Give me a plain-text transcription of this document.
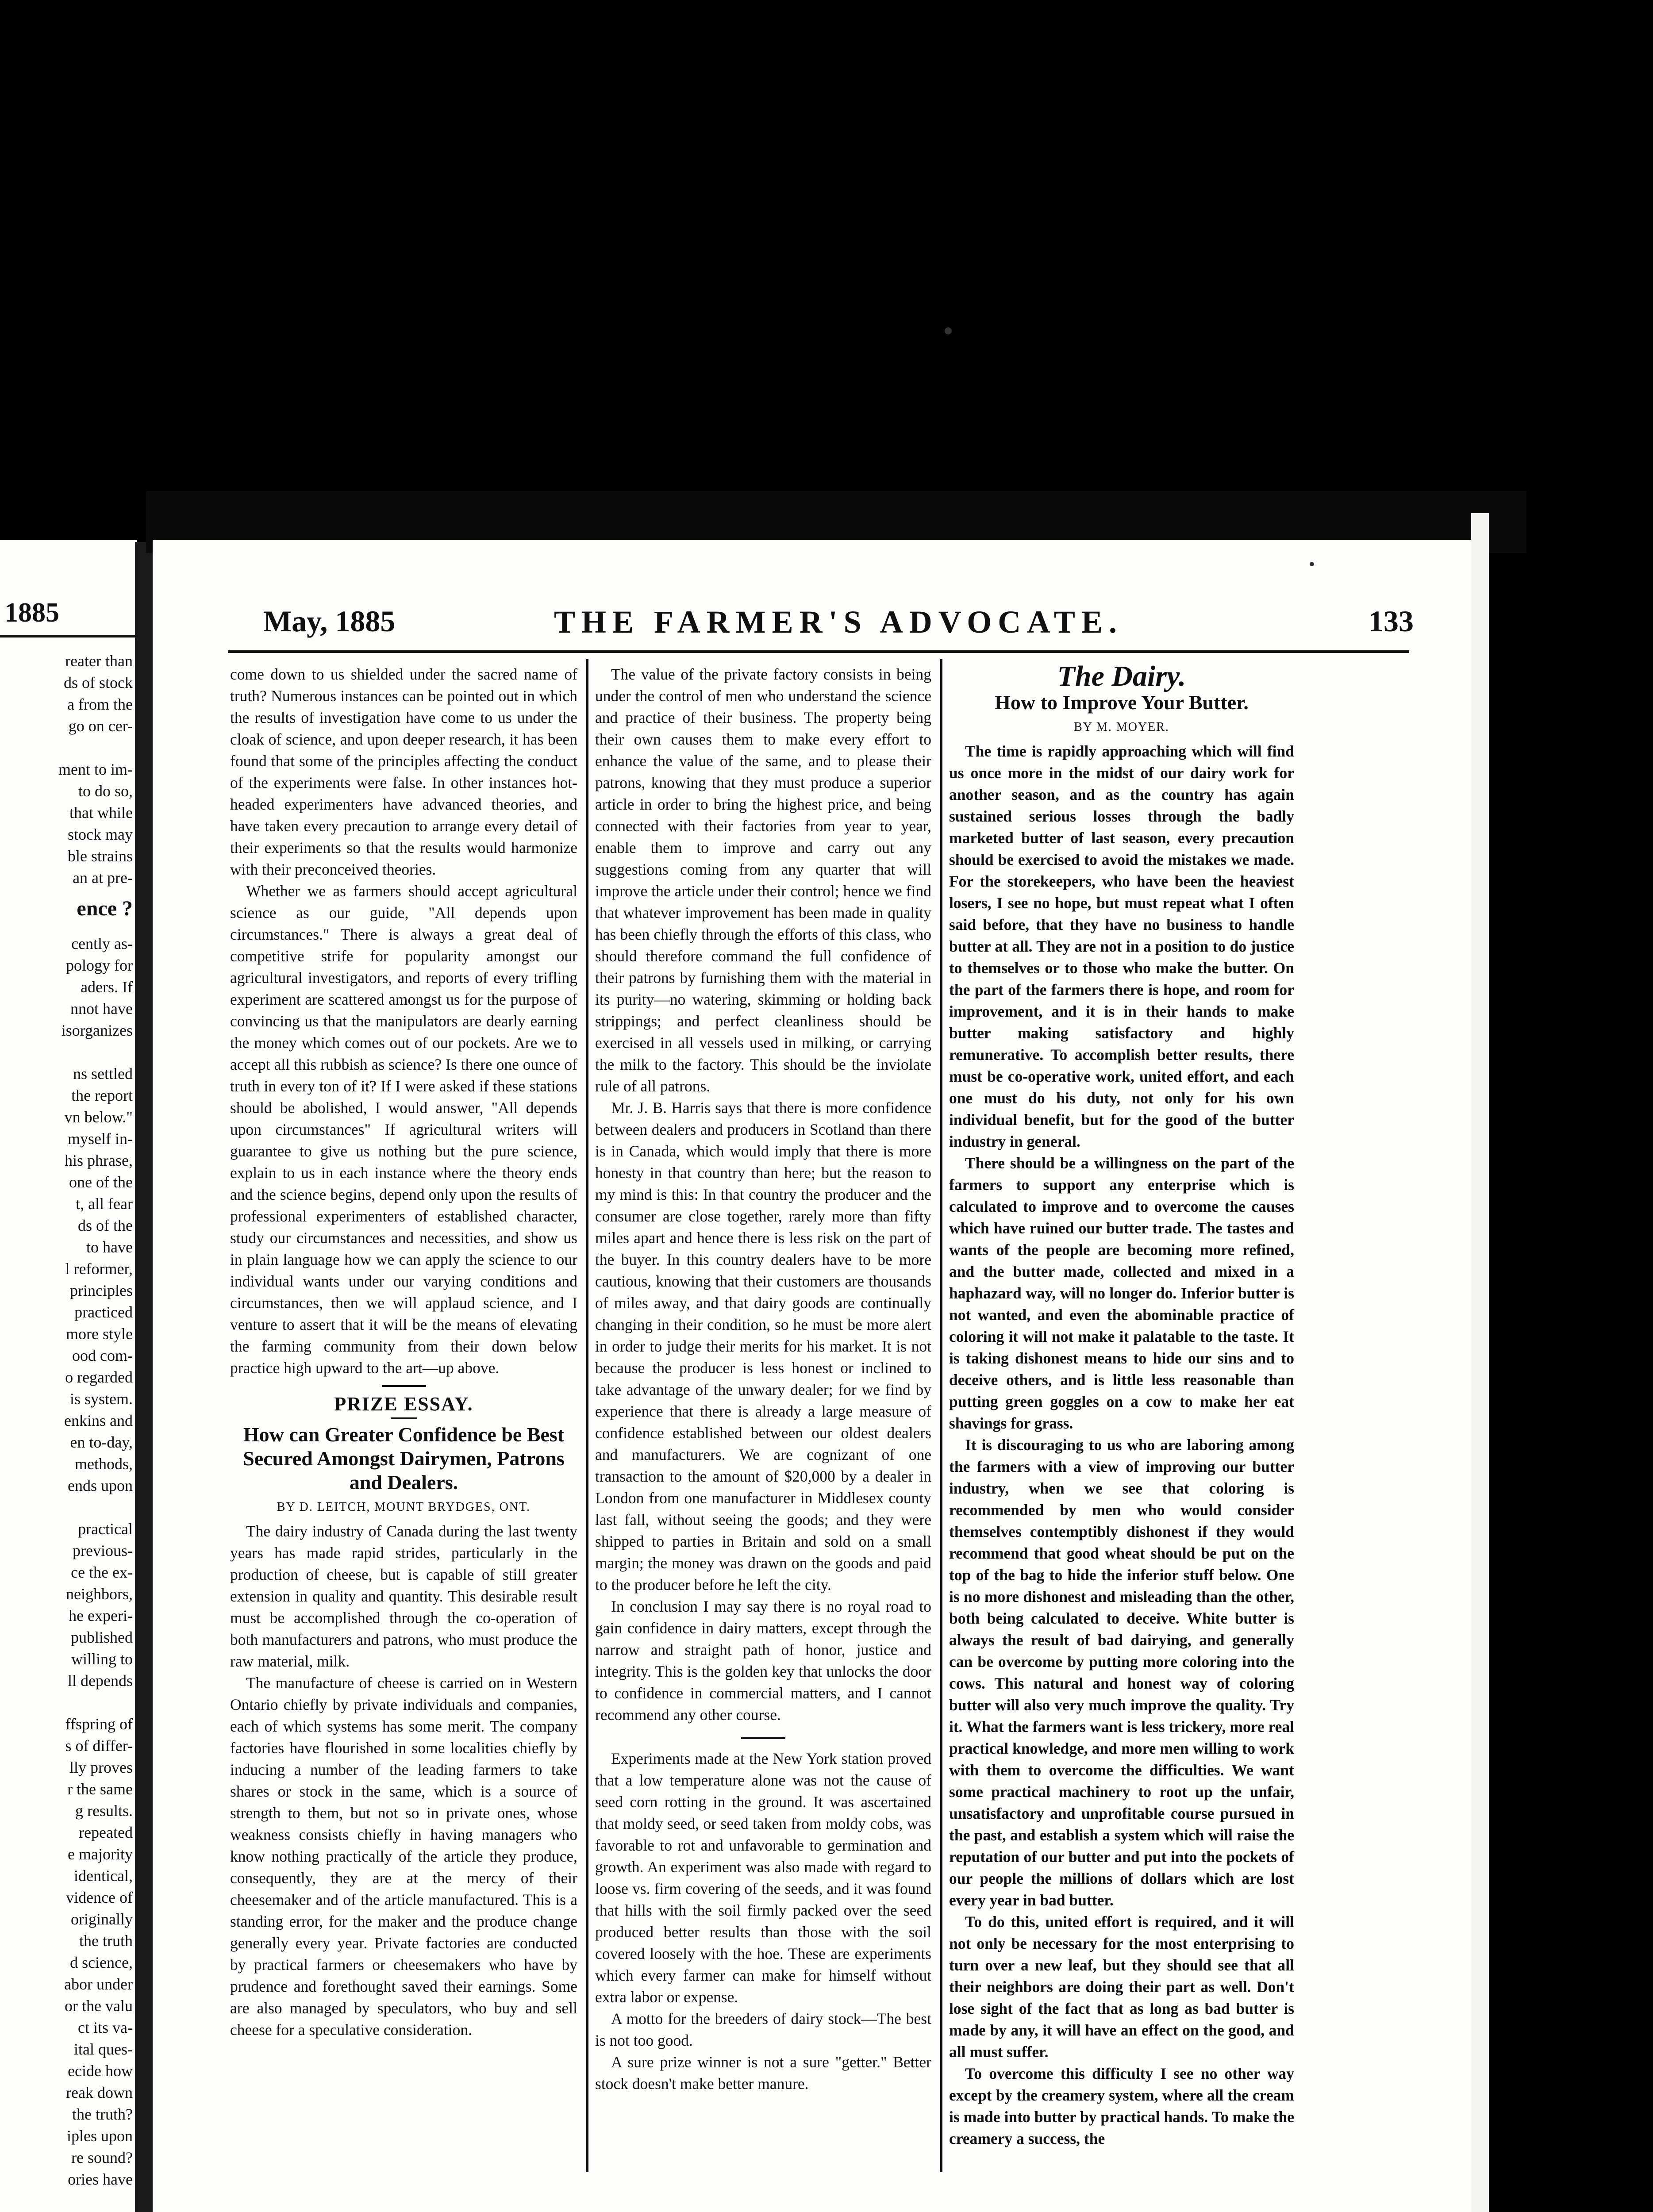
1885
reater than
ds of stock
a from the
go on cer-
ment to im-
to do so,
that while
stock may
ble strains
an at pre-
ence ?
cently as-
pology for
aders. If
nnot have
isorganizes
ns settled
the report
vn below."
myself in-
his phrase,
one of the
t, all fear
ds of the
to have
l reformer,
principles
practiced
more style
ood com-
o regarded
is system.
enkins and
en to-day,
methods,
ends upon
practical
previous-
ce the ex-
neighbors,
he experi-
published
willing to
ll depends
ffspring of
s of differ-
lly proves
r the same
g results.
repeated
e majority
identical,
vidence of
originally
the truth
d science,
abor under
or the valu
ct its va-
ital ques-
ecide how
reak down
the truth?
iples upon
re sound?
ories have
May, 1885	THE FARMER'S ADVOCATE.	133

come down to us shielded under the sacred name of truth? Numerous instances can be pointed out in which the results of investigation have come to us under the cloak of science, and upon deeper research, it has been found that some of the principles affecting the conduct of the experiments were false. In other instances hot-headed experimenters have advanced theories, and have taken every precaution to arrange every detail of their experiments so that the results would harmonize with their preconceived theories.

Whether we as farmers should accept agricultural science as our guide, "All depends upon circumstances." There is always a great deal of competitive strife for popularity amongst our agricultural investigators, and reports of every trifling experiment are scattered amongst us for the purpose of convincing us that the manipulators are dearly earning the money which comes out of our pockets. Are we to accept all this rubbish as science? Is there one ounce of truth in every ton of it? If I were asked if these stations should be abolished, I would answer, "All depends upon circumstances" If agricultural writers will guarantee to give us nothing but the pure science, explain to us in each instance where the theory ends and the science begins, depend only upon the results of professional experimenters of established character, study our circumstances and necessities, and show us in plain language how we can apply the science to our individual wants under our varying conditions and circumstances, then we will applaud science, and I venture to assert that it will be the means of elevating the farming community from their down below practice high upward to the art—up above.

PRIZE ESSAY.
How can Greater Confidence be Best Secured Amongst Dairymen, Patrons and Dealers.
BY D. LEITCH, MOUNT BRYDGES, ONT.

The dairy industry of Canada during the last twenty years has made rapid strides, particularly in the production of cheese, but is capable of still greater extension in quality and quantity. This desirable result must be accomplished through the co-operation of both manufacturers and patrons, who must produce the raw material, milk.

The manufacture of cheese is carried on in Western Ontario chiefly by private individuals and companies, each of which systems has some merit. The company factories have flourished in some localities chiefly by inducing a number of the leading farmers to take shares or stock in the same, which is a source of strength to them, but not so in private ones, whose weakness consists chiefly in having managers who know nothing practically of the article they produce, consequently, they are at the mercy of their cheesemaker and of the article manufactured. This is a standing error, for the maker and the produce change generally every year. Private factories are conducted by practical farmers or cheesemakers who have by prudence and forethought saved their earnings. Some are also managed by speculators, who buy and sell cheese for a speculative consideration.

The value of the private factory consists in being under the control of men who understand the science and practice of their business. The property being their own causes them to make every effort to enhance the value of the same, and to please their patrons, knowing that they must produce a superior article in order to bring the highest price, and being connected with their factories from year to year, enable them to improve and carry out any suggestions coming from any quarter that will improve the article under their control; hence we find that whatever improvement has been made in quality has been chiefly through the efforts of this class, who should therefore command the full confidence of their patrons by furnishing them with the material in its purity—no watering, skimming or holding back strippings; and perfect cleanliness should be exercised in all vessels used in milking, or carrying the milk to the factory. This should be the inviolate rule of all patrons.

Mr. J. B. Harris says that there is more confidence between dealers and producers in Scotland than there is in Canada, which would imply that there is more honesty in that country than here; but the reason to my mind is this: In that country the producer and the consumer are close together, rarely more than fifty miles apart and hence there is less risk on the part of the buyer. In this country dealers have to be more cautious, knowing that their customers are thousands of miles away, and that dairy goods are continually changing in their condition, so he must be more alert in order to judge their merits for his market. It is not because the producer is less honest or inclined to take advantage of the unwary dealer; for we find by experience that there is already a large measure of confidence established between our oldest dealers and manufacturers. We are cognizant of one transaction to the amount of $20,000 by a dealer in London from one manufacturer in Middlesex county last fall, without seeing the goods; and they were shipped to parties in Britain and sold on a small margin; the money was drawn on the goods and paid to the producer before he left the city.

In conclusion I may say there is no royal road to gain confidence in dairy matters, except through the narrow and straight path of honor, justice and integrity. This is the golden key that unlocks the door to confidence in commercial matters, and I cannot recommend any other course.

Experiments made at the New York station proved that a low temperature alone was not the cause of seed corn rotting in the ground. It was ascertained that moldy seed, or seed taken from moldy cobs, was favorable to rot and unfavorable to germination and growth. An experiment was also made with regard to loose vs. firm covering of the seeds, and it was found that hills with the soil firmly packed over the seed produced better results than those with the soil covered loosely with the hoe. These are experiments which every farmer can make for himself without extra labor or expense.

A motto for the breeders of dairy stock—The best is not too good.

A sure prize winner is not a sure "getter." Better stock doesn't make better manure.

The Dairy.
How to Improve Your Butter.
BY M. MOYER.

The time is rapidly approaching which will find us once more in the midst of our dairy work for another season, and as the country has again sustained serious losses through the badly marketed butter of last season, every precaution should be exercised to avoid the mistakes we made. For the storekeepers, who have been the heaviest losers, I see no hope, but must repeat what I often said before, that they have no business to handle butter at all. They are not in a position to do justice to themselves or to those who make the butter. On the part of the farmers there is hope, and room for improvement, and it is in their hands to make butter making satisfactory and highly remunerative. To accomplish better results, there must be co-operative work, united effort, and each one must do his duty, not only for his own individual benefit, but for the good of the butter industry in general.

There should be a willingness on the part of the farmers to support any enterprise which is calculated to improve and to overcome the causes which have ruined our butter trade. The tastes and wants of the people are becoming more refined, and the butter made, collected and mixed in a haphazard way, will no longer do. Inferior butter is not wanted, and even the abominable practice of coloring it will not make it palatable to the taste. It is taking dishonest means to hide our sins and to deceive others, and is little less reasonable than putting green goggles on a cow to make her eat shavings for grass.

It is discouraging to us who are laboring among the farmers with a view of improving our butter industry, when we see that coloring is recommended by men who would consider themselves contemptibly dishonest if they would recommend that good wheat should be put on the top of the bag to hide the inferior stuff below. One is no more dishonest and misleading than the other, both being calculated to deceive. White butter is always the result of bad dairying, and generally can be overcome by putting more coloring into the cows. This natural and honest way of coloring butter will also very much improve the quality. Try it. What the farmers want is less trickery, more real practical knowledge, and more men willing to work with them to overcome the difficulties. We want some practical machinery to root up the unfair, unsatisfactory and unprofitable course pursued in the past, and establish a system which will raise the reputation of our butter and put into the pockets of our people the millions of dollars which are lost every year in bad butter.

To do this, united effort is required, and it will not only be necessary for the most enterprising to turn over a new leaf, but they should see that all their neighbors are doing their part as well. Don't lose sight of the fact that as long as bad butter is made by any, it will have an effect on the good, and all must suffer.

To overcome this difficulty I see no other way except by the creamery system, where all the cream is made into butter by practical hands. To make the creamery a success, the
